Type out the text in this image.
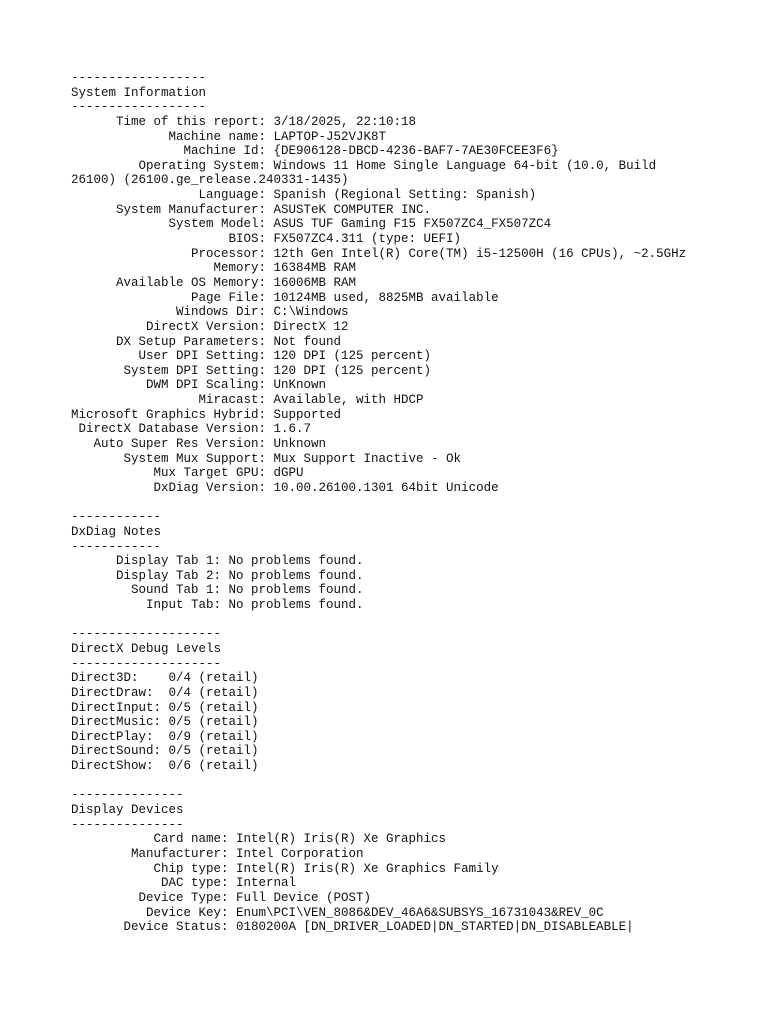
------------------
System Information
------------------
Time of this report: 3/18/2025, 22:10:18
Machine name: LAPTOP-J52VJK8T
Machine Id: {DE906128-DBCD-4236-BAF7-7AE30FCEE3F6}
Operating System: Windows 11 Home Single Language 64-bit (10.0, Build
26100) (26100.ge_release.240331-1435)
Language: Spanish (Regional Setting: Spanish)
System Manufacturer: ASUSTeK COMPUTER INC.
System Model: ASUS TUF Gaming F15 FX507ZC4_FX507ZC4
BIOS: FX507ZC4.311 (type: UEFI)
Processor: 12th Gen Intel(R) Core(TM) i5-12500H (16 CPUs), ~2.5GHz
Memory: 16384MB RAM
Available OS Memory: 16006MB RAM
Page File: 10124MB used, 8825MB available
Windows Dir: C:\Windows
DirectX Version: DirectX 12
DX Setup Parameters: Not found
User DPI Setting: 120 DPI (125 percent)
System DPI Setting: 120 DPI (125 percent)
DWM DPI Scaling: UnKnown
Miracast: Available, with HDCP
Microsoft Graphics Hybrid: Supported
DirectX Database Version: 1.6.7
Auto Super Res Version: Unknown
System Mux Support: Mux Support Inactive - Ok
Mux Target GPU: dGPU
DxDiag Version: 10.00.26100.1301 64bit Unicode
------------
DxDiag Notes
------------
Display Tab 1: No problems found.
Display Tab 2: No problems found.
Sound Tab 1: No problems found.
Input Tab: No problems found.
--------------------
DirectX Debug Levels
--------------------
Direct3D:    0/4 (retail)
DirectDraw:  0/4 (retail)
DirectInput: 0/5 (retail)
DirectMusic: 0/5 (retail)
DirectPlay:  0/9 (retail)
DirectSound: 0/5 (retail)
DirectShow:  0/6 (retail)
---------------
Display Devices
---------------
Card name: Intel(R) Iris(R) Xe Graphics
Manufacturer: Intel Corporation
Chip type: Intel(R) Iris(R) Xe Graphics Family
DAC type: Internal
Device Type: Full Device (POST)
Device Key: Enum\PCI\VEN_8086&DEV_46A6&SUBSYS_16731043&REV_0C
Device Status: 0180200A [DN_DRIVER_LOADED|DN_STARTED|DN_DISABLEABLE|
